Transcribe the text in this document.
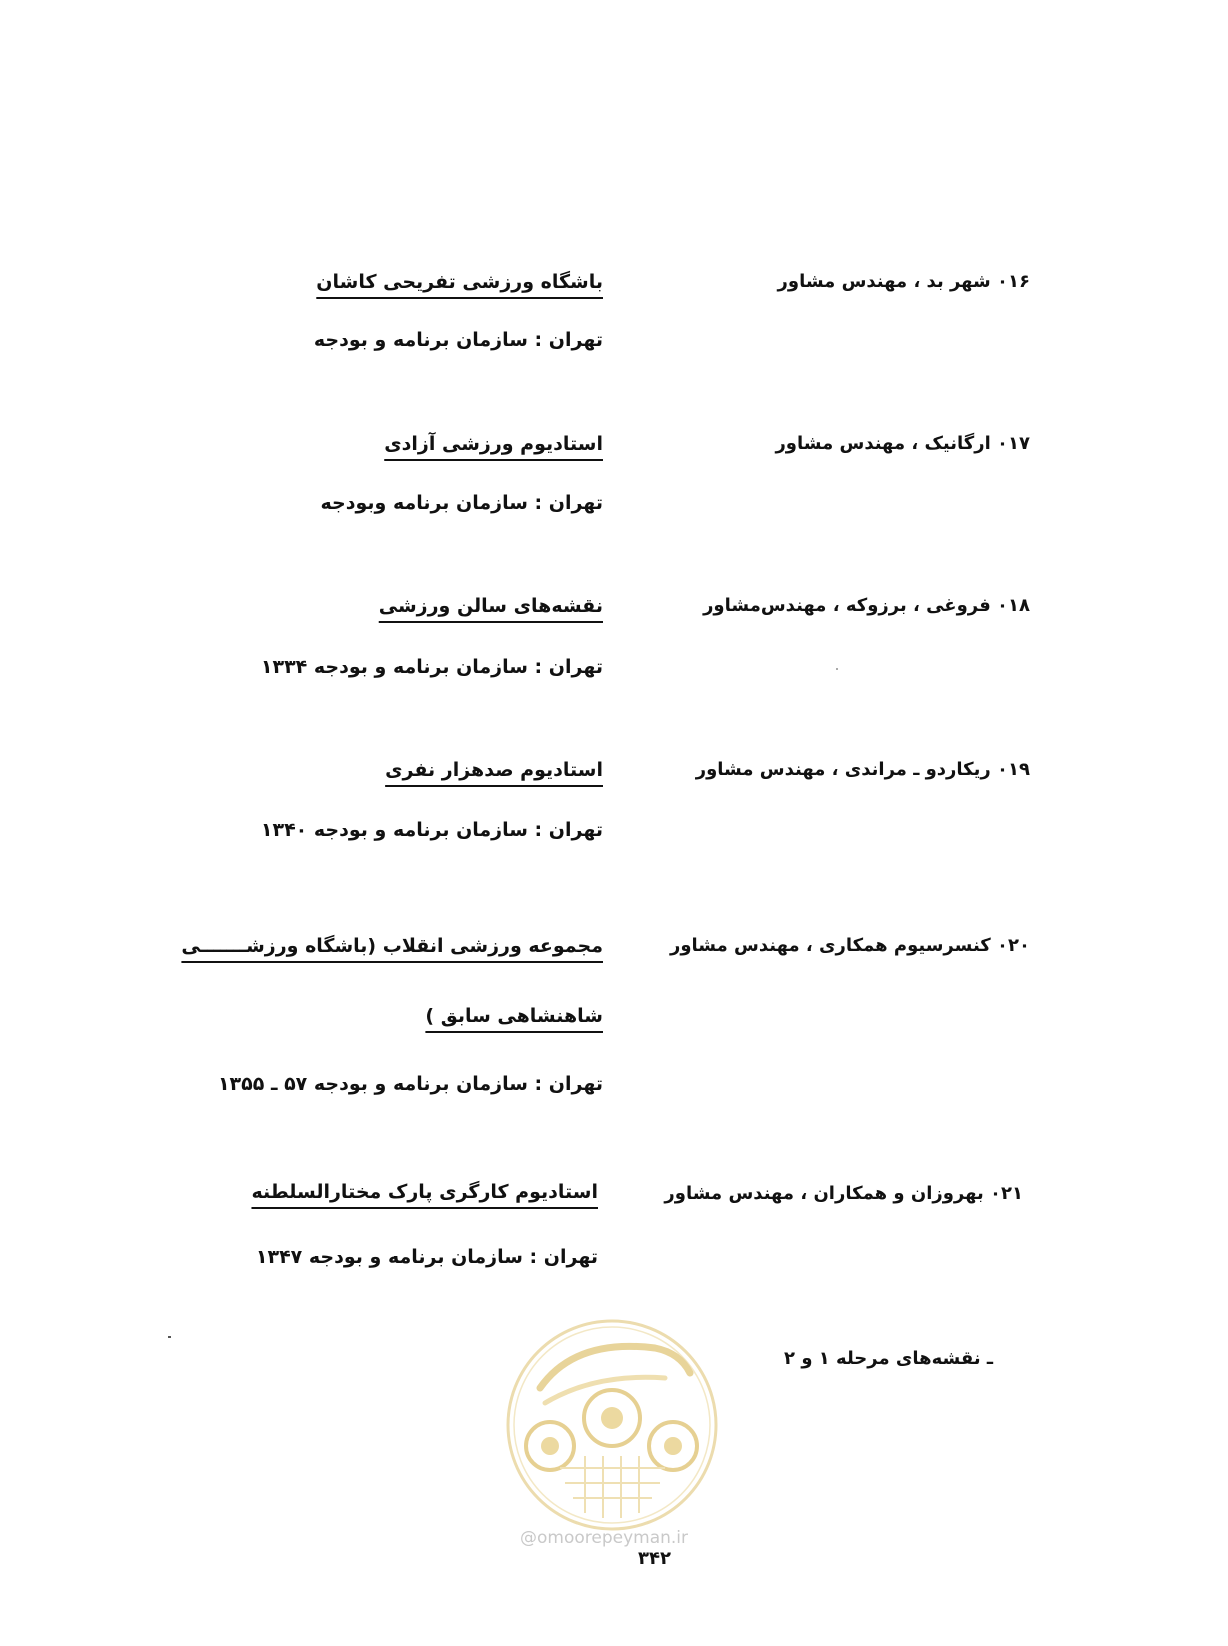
باشگاه ورزشی تفریحی کاشان
تهران : سازمان برنامه و بودجه
۰۱۶ شهر بد ، مهندس مشاور
استادیوم ورزشی آزادی
تهران : سازمان برنامه وبودجه
۰۱۷ ارگانیک ، مهندس مشاور
نقشه‌های سالن ورزشی
تهران : سازمان برنامه و بودجه ۱۳۳۴
۰۱۸ فروغی ، برزوکه ، مهندس‌مشاور
استادیوم صدهزار نفری
تهران : سازمان برنامه و بودجه ۱۳۴۰
۰۱۹ ریکاردو ـ مراندی ، مهندس مشاور
مجموعه ورزشی انقلاب (باشگاه ورزشـــــــی
شاهنشاهی سابق )
تهران : سازمان برنامه و بودجه ۵۷ ـ ۱۳۵۵
۰۲۰ کنسرسیوم همکاری ، مهندس مشاور
استادیوم کارگری پارک مختارالسلطنه
تهران : سازمان برنامه و بودجه ۱۳۴۷
۰۲۱ بهروزان و همکاران ، مهندس مشاور
ـ نقشه‌های مرحله ۱ و ۲
@omoorepeyman.ir
۳۴۲
